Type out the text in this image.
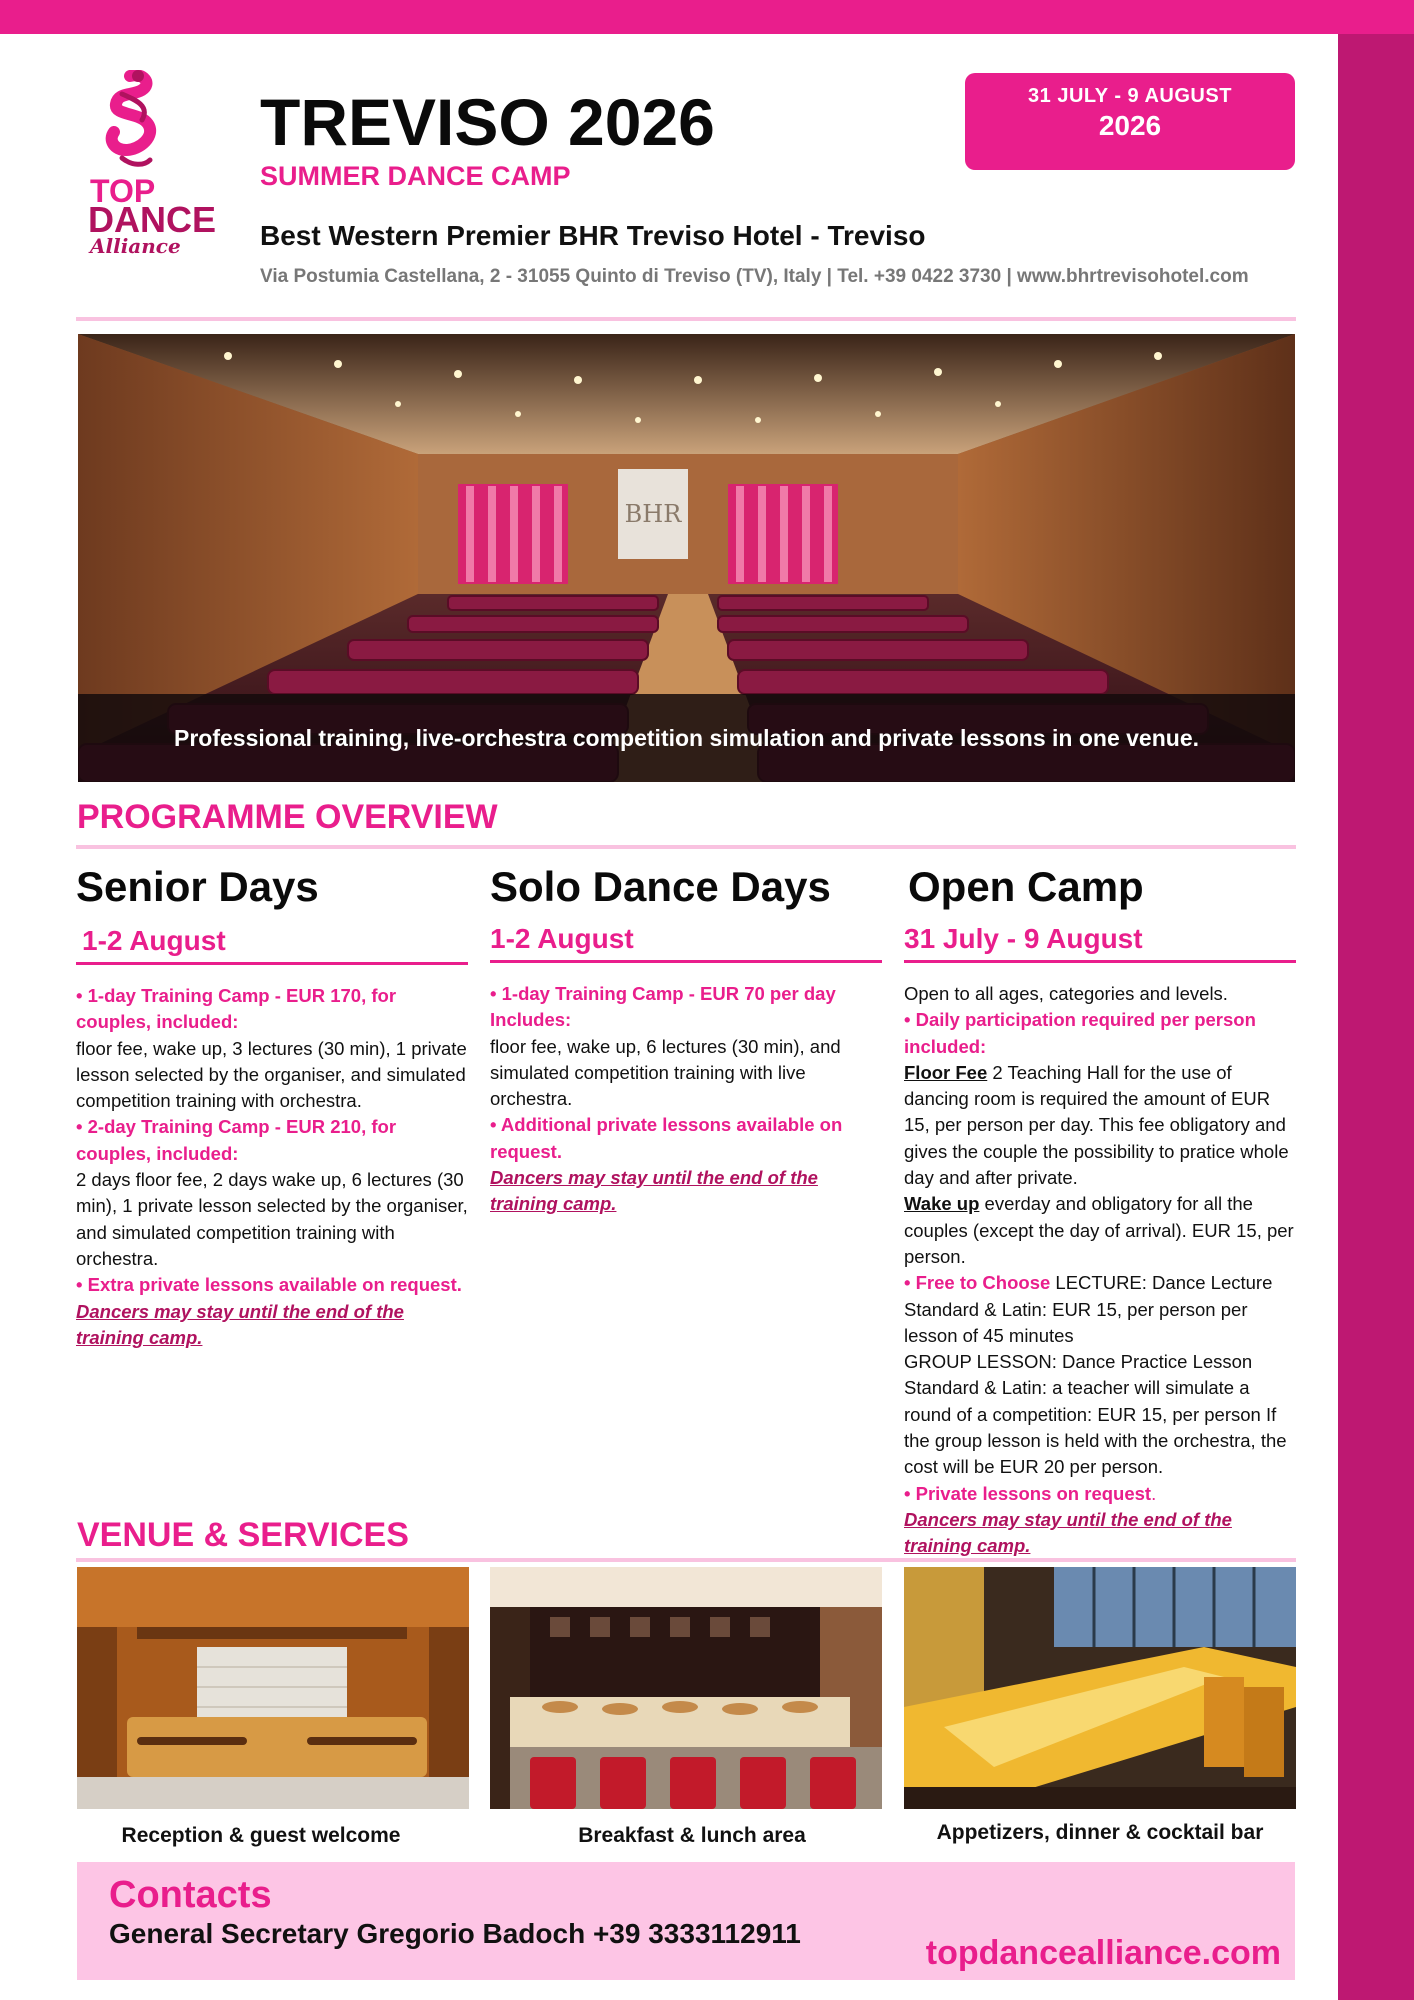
TOP
DANCE
Alliance
TREVISO 2026
SUMMER DANCE CAMP
Best Western Premier BHR Treviso Hotel - Treviso
Via Postumia Castellana, 2 - 31055 Quinto di Treviso (TV), Italy | Tel. +39 0422 3730 | www.bhrtrevisohotel.com
31 JULY - 9 AUGUST
2026
BHR
Professional training, live-orchestra competition simulation and private lessons in one venue.
PROGRAMME OVERVIEW
Senior Days
1-2 August

• 1-day Training Camp - EUR 170, for couples, included:

floor fee, wake up, 3 lectures (30 min), 1 private lesson selected by the organiser, and simulated competition training with orchestra.

• 2-day Training Camp - EUR 210, for couples, included:

2 days floor fee, 2 days wake up, 6 lectures (30 min), 1 private lesson selected by the organiser, and simulated competition training with orchestra.

• Extra private lessons available on request.

Dancers may stay until the end of the training camp.

Solo Dance Days
1-2 August

• 1-day Training Camp - EUR 70 per day Includes:

floor fee, wake up, 6 lectures (30 min), and simulated competition training with live orchestra.

• Additional private lessons available on request.

Dancers may stay until the end of the training camp.

Open Camp
31 July - 9 August

Open to all ages, categories and levels.

• Daily participation required per person included:

Floor Fee 2 Teaching Hall for the use of dancing room is required the amount of EUR 15, per person per day. This fee obligatory and gives the couple the possibility to pratice whole day and after private.

Wake up everday and obligatory for all the couples (except the day of arrival). EUR 15, per person.

• Free to Choose LECTURE: Dance Lecture Standard & Latin: EUR 15, per person per lesson of 45 minutes

GROUP LESSON: Dance Practice Lesson Standard & Latin: a teacher will simulate a round of a competition: EUR 15, per person If the group lesson is held with the orchestra, the cost will be EUR 20 per person.

• Private lessons on request.

Dancers may stay until the end of the training camp.

VENUE & SERVICES
Reception & guest welcome	Breakfast & lunch area	Appetizers, dinner & cocktail bar
Contacts
General Secretary Gregorio Badoch +39 3333112911
topdancealliance.com
